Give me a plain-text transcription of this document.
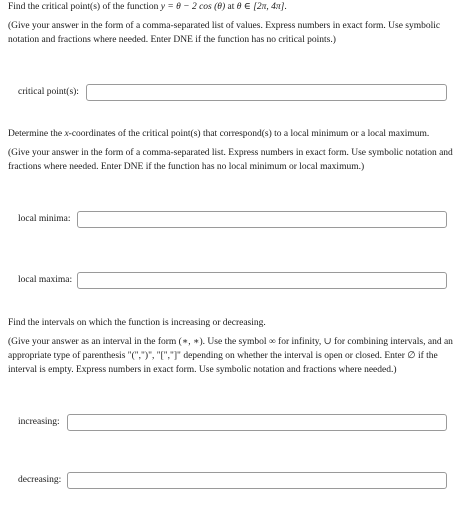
Find the critical point(s) of the function y = θ − 2 cos (θ) at θ ∈ [2π, 4π].
(Give your answer in the form of a comma-separated list of values. Express numbers in exact form. Use symbolic notation and fractions where needed. Enter DNE if the function has no critical points.)
critical point(s):
Determine the x-coordinates of the critical point(s) that correspond(s) to a local minimum or a local maximum.
(Give your answer in the form of a comma-separated list. Express numbers in exact form. Use symbolic notation and fractions where needed. Enter DNE if the function has no local minimum or local maximum.)
local minima:
local maxima:
Find the intervals on which the function is increasing or decreasing.
(Give your answer as an interval in the form (∗, ∗). Use the symbol ∞ for infinity, ∪ for combining intervals, and an appropriate type of parenthesis "(",")", "[","]" depending on whether the interval is open or closed. Enter ∅ if the interval is empty. Express numbers in exact form. Use symbolic notation and fractions where needed.)
increasing:
decreasing:
